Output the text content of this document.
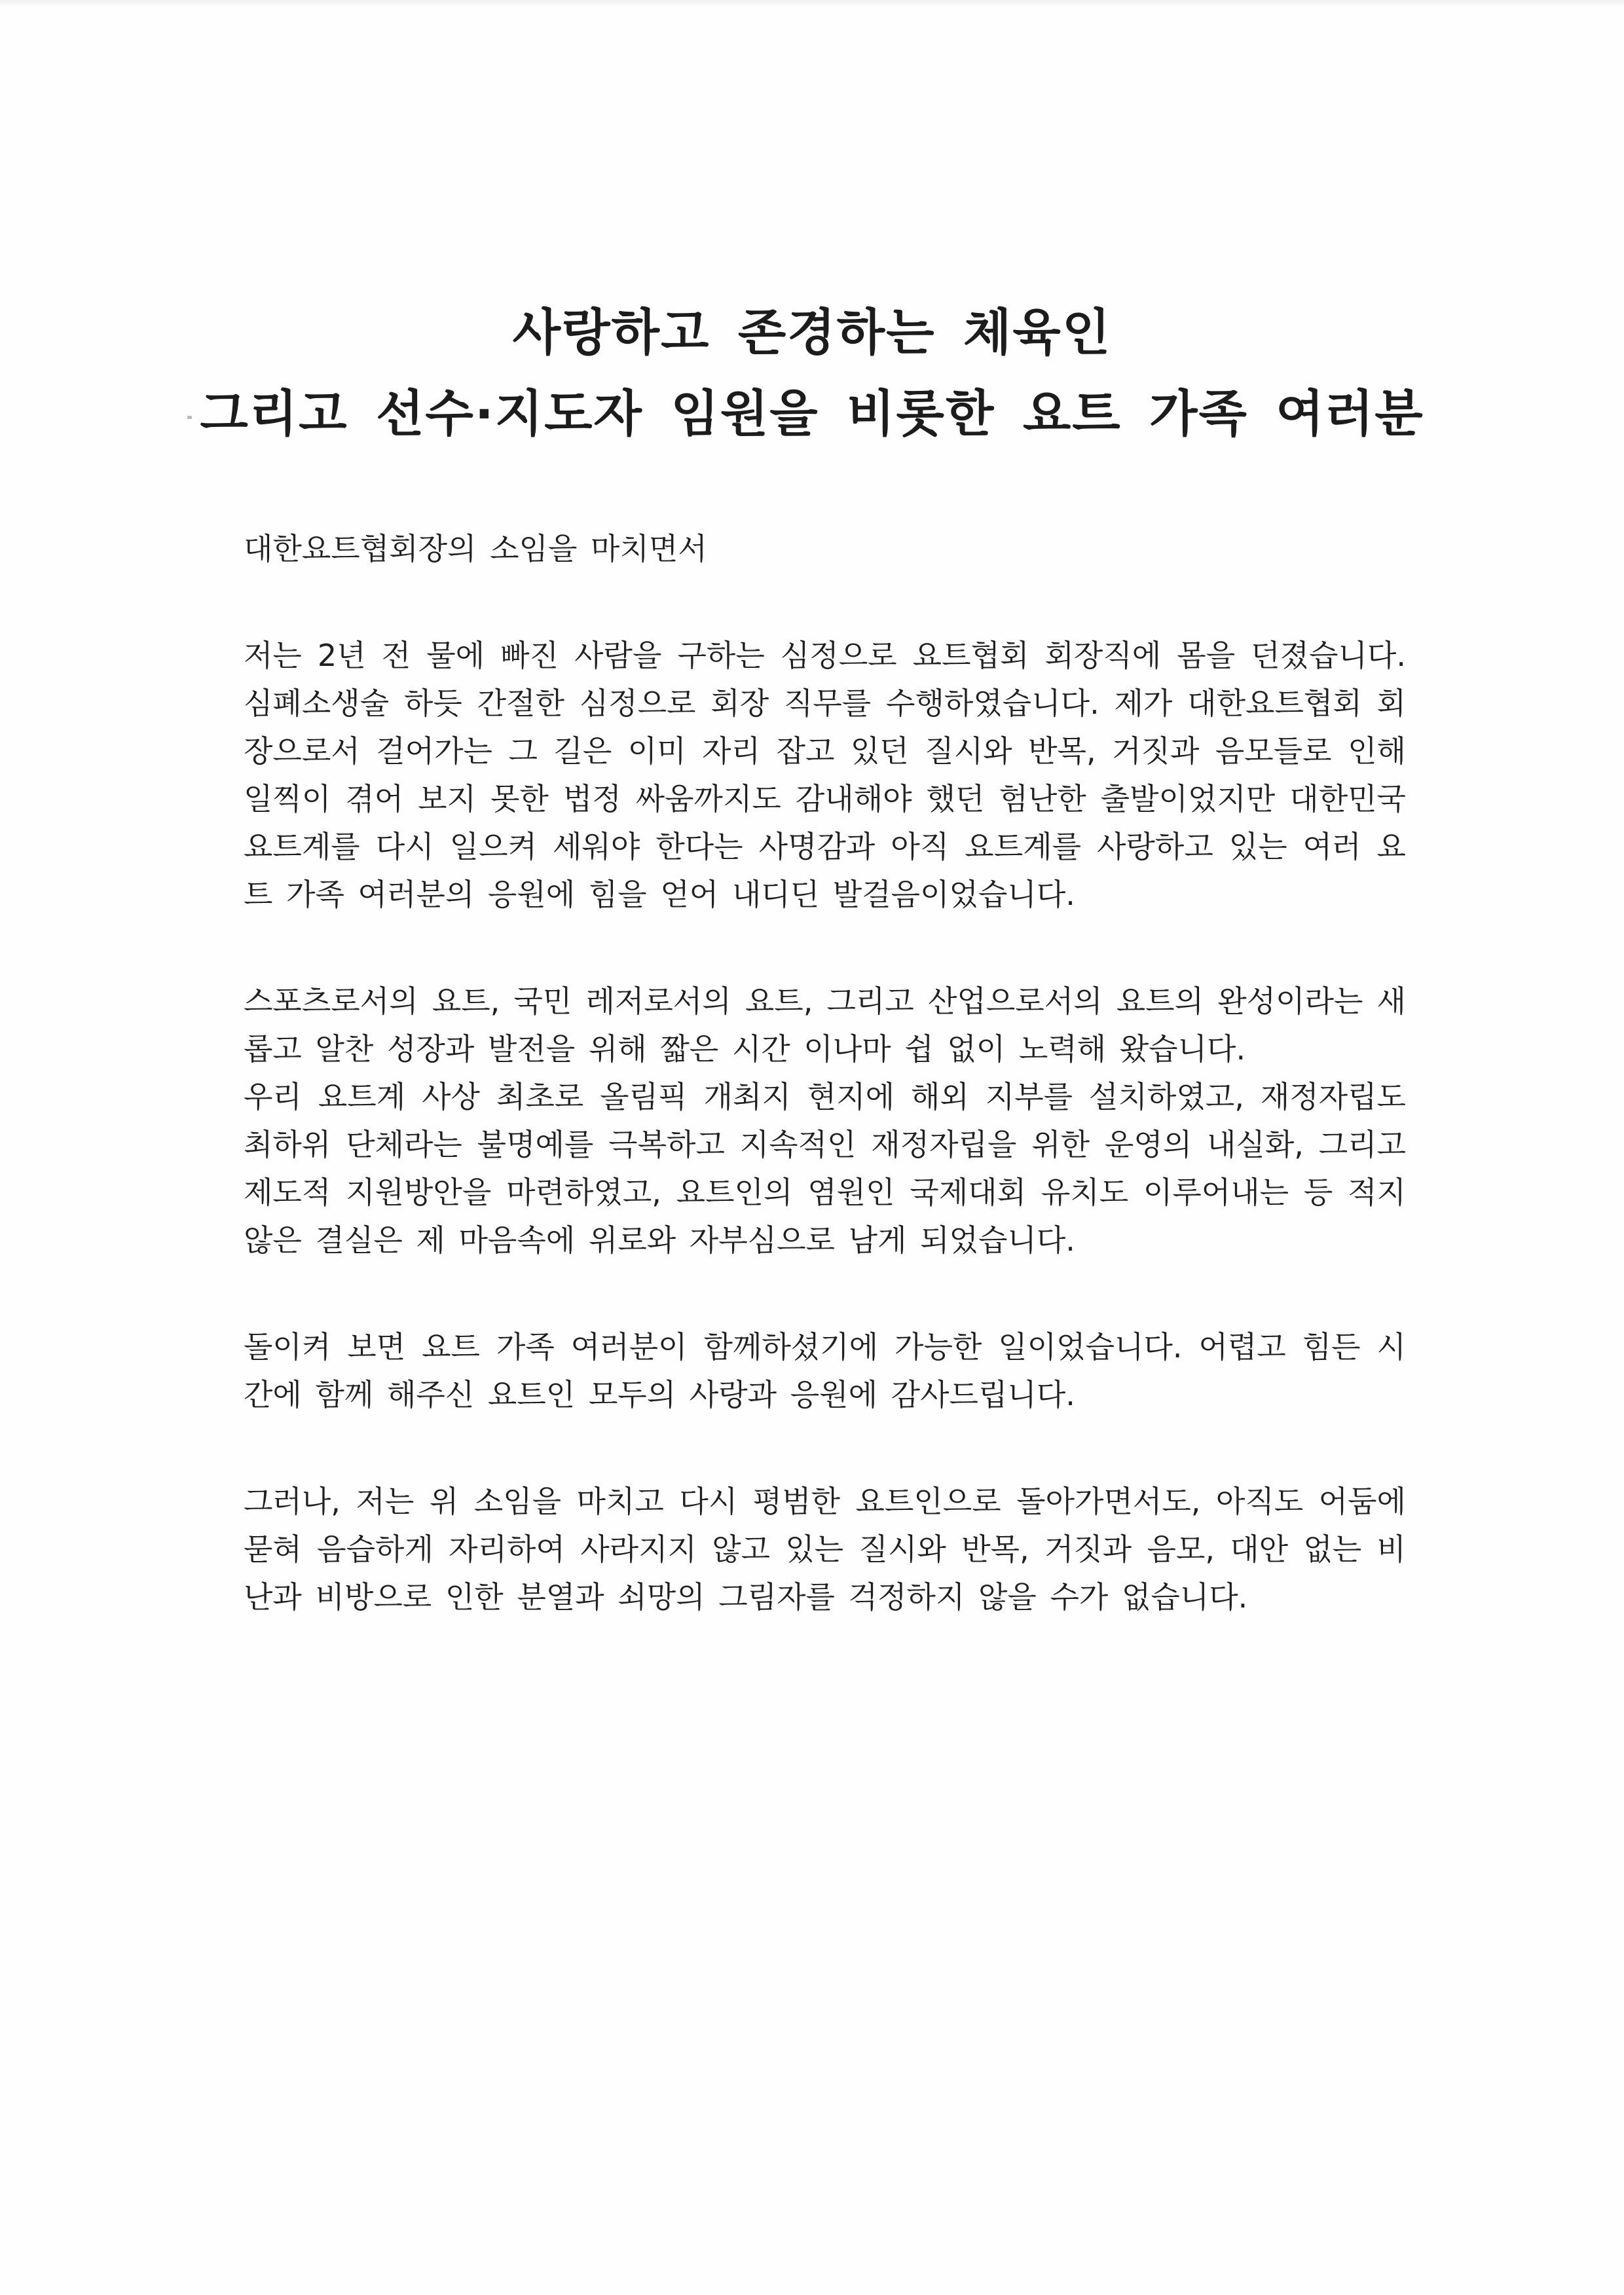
사랑하고 존경하는 체육인
그리고 선수·지도자 임원을 비롯한 요트 가족 여러분

대한요트협회장의 소임을 마치면서

저는 2년 전 물에 빠진 사람을 구하는 심정으로 요트협회 회장직에 몸을 던졌습니다. 심폐소생술 하듯 간절한 심정으로 회장 직무를 수행하였습니다. 제가 대한요트협회 회장으로서 걸어가는 그 길은 이미 자리 잡고 있던 질시와 반목, 거짓과 음모들로 인해 일찍이 겪어 보지 못한 법정 싸움까지도 감내해야 했던 험난한 출발이었지만 대한민국 요트계를 다시 일으켜 세워야 한다는 사명감과 아직 요트계를 사랑하고 있는 여러 요트 가족 여러분의 응원에 힘을 얻어 내디딘 발걸음이었습니다.

스포츠로서의 요트, 국민 레저로서의 요트, 그리고 산업으로서의 요트의 완성이라는 새롭고 알찬 성장과 발전을 위해 짧은 시간 이나마 쉽 없이 노력해 왔습니다.

우리 요트계 사상 최초로 올림픽 개최지 현지에 해외 지부를 설치하였고, 재정자립도 최하위 단체라는 불명예를 극복하고 지속적인 재정자립을 위한 운영의 내실화, 그리고 제도적 지원방안을 마련하였고, 요트인의 염원인 국제대회 유치도 이루어내는 등 적지 않은 결실은 제 마음속에 위로와 자부심으로 남게 되었습니다.

돌이켜 보면 요트 가족 여러분이 함께하셨기에 가능한 일이었습니다. 어렵고 힘든 시간에 함께 해주신 요트인 모두의 사랑과 응원에 감사드립니다.

그러나, 저는 위 소임을 마치고 다시 평범한 요트인으로 돌아가면서도, 아직도 어둠에 묻혀 음습하게 자리하여 사라지지 않고 있는 질시와 반목, 거짓과 음모, 대안 없는 비난과 비방으로 인한 분열과 쇠망의 그림자를 걱정하지 않을 수가 없습니다.
